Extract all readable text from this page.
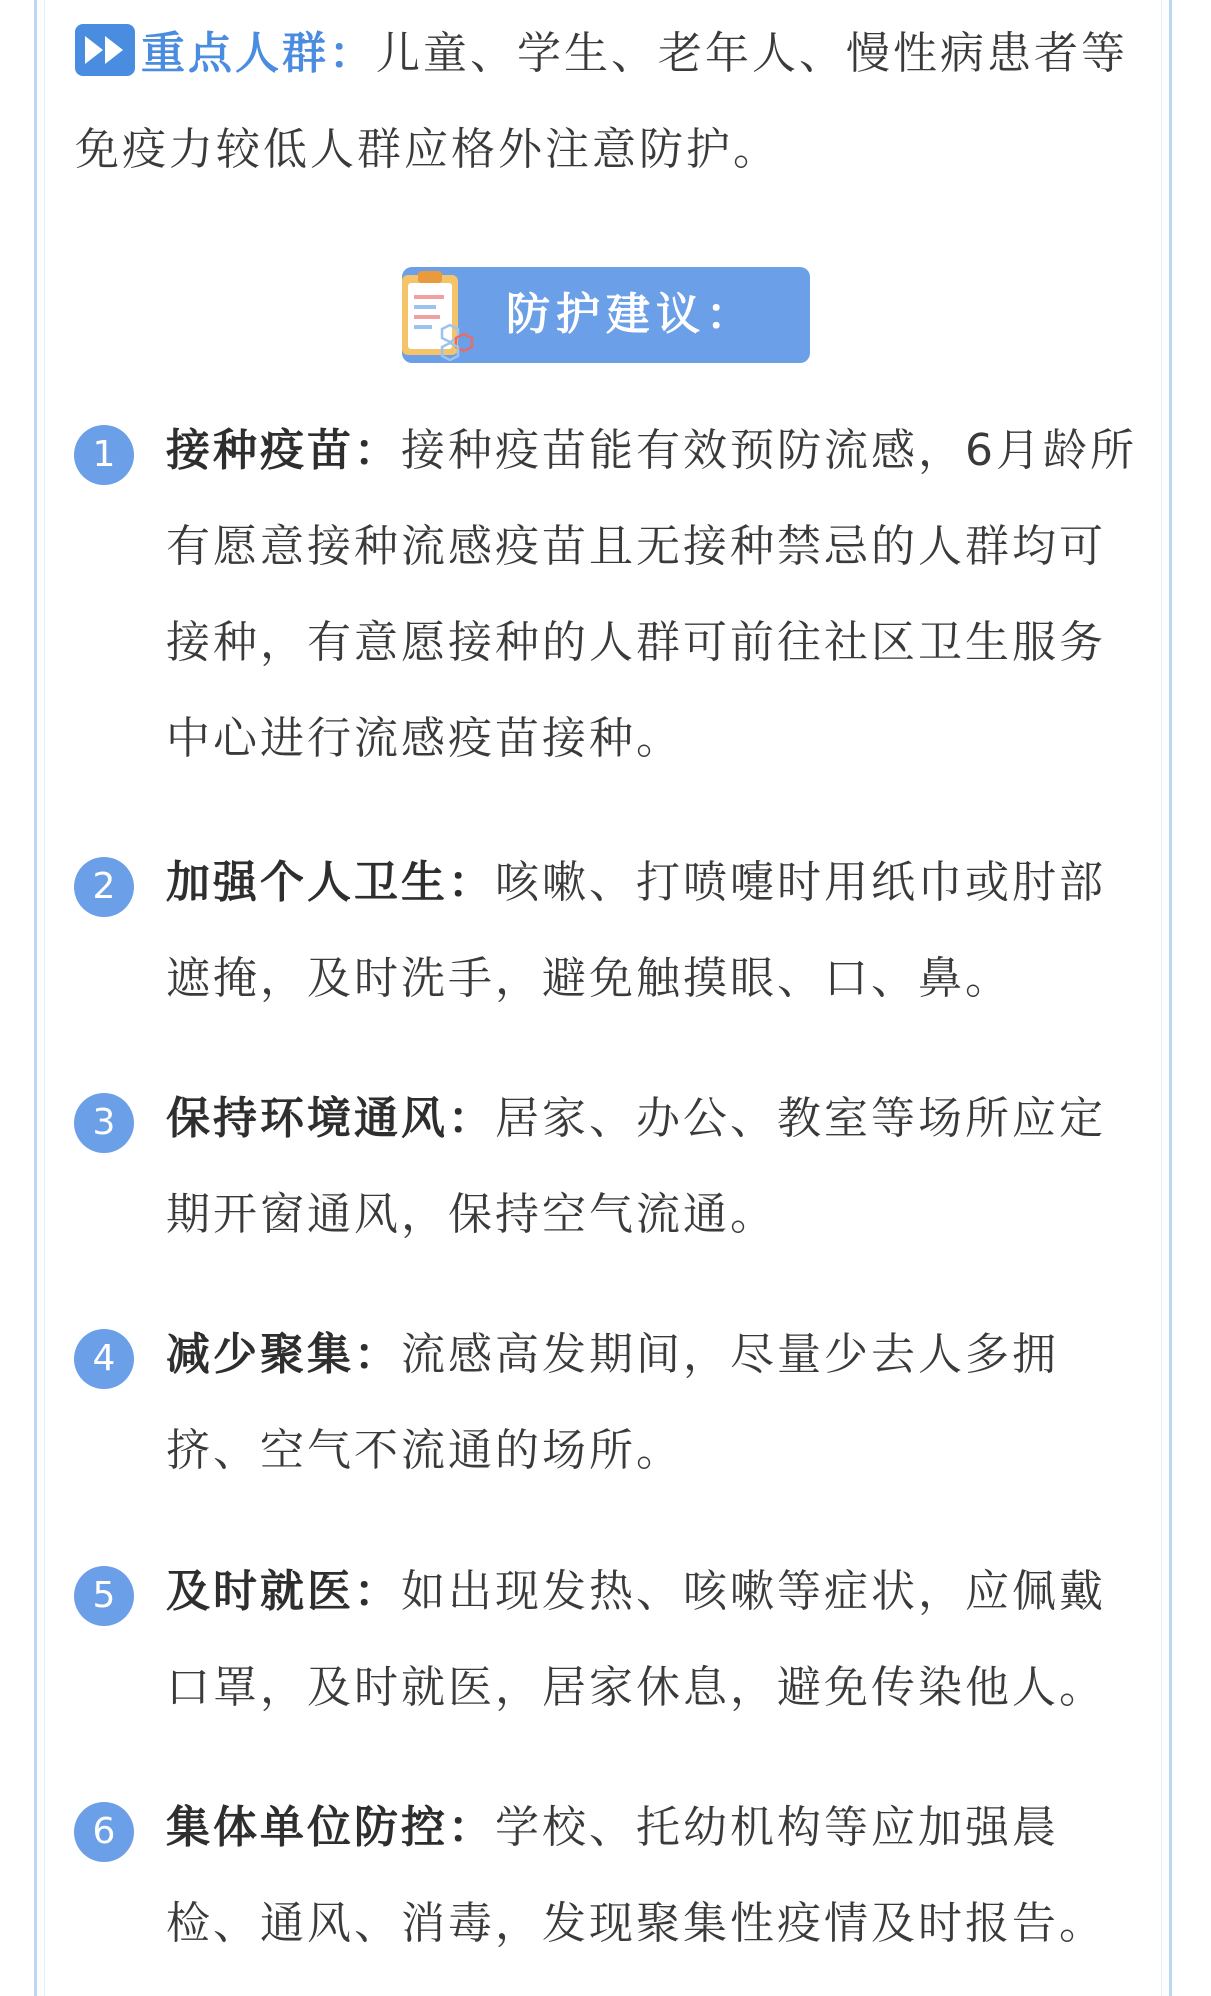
重点人群：儿童、学生、老年人、慢性病患者等免疫力较低人群应格外注意防护。
防护建议：
1	接种疫苗：接种疫苗能有效预防流感，6月龄所有愿意接种流感疫苗且无接种禁忌的人群均可接种，有意愿接种的人群可前往社区卫生服务中心进行流感疫苗接种。
2	加强个人卫生：咳嗽、打喷嚏时用纸巾或肘部遮掩，及时洗手，避免触摸眼、口、鼻。
3	保持环境通风：居家、办公、教室等场所应定期开窗通风，保持空气流通。
4	减少聚集：流感高发期间，尽量少去人多拥挤、空气不流通的场所。
5	及时就医：如出现发热、咳嗽等症状，应佩戴口罩，及时就医，居家休息，避免传染他人。
6	集体单位防控：学校、托幼机构等应加强晨检、通风、消毒，发现聚集性疫情及时报告。
